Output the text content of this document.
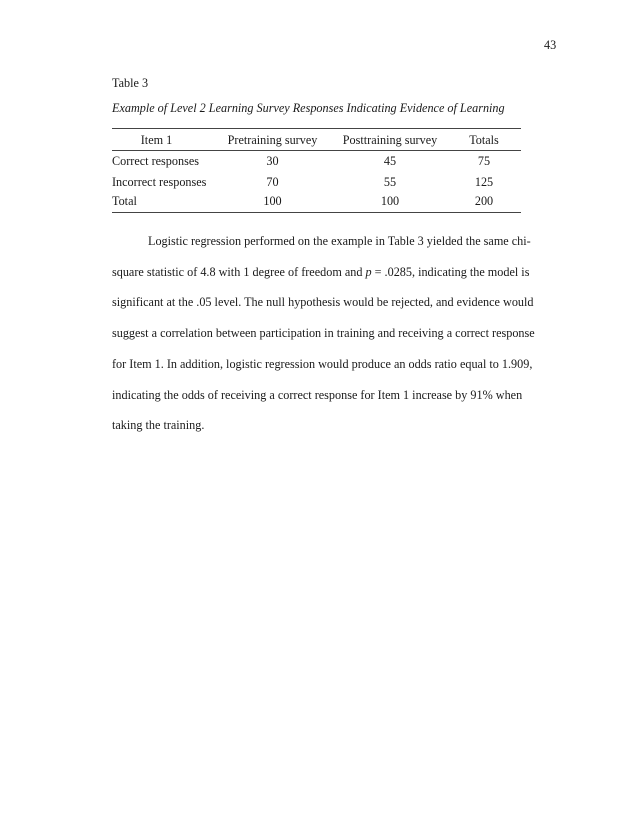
43
Table 3
Example of Level 2 Learning Survey Responses Indicating Evidence of Learning
Item 1	Pretraining survey	Posttraining survey	Totals
Correct responses	30	45	75
Incorrect responses	70	55	125
Total	100	100	200
Logistic regression performed on the example in Table 3 yielded the same chi-
square statistic of 4.8 with 1 degree of freedom and p = .0285, indicating the model is
significant at the .05 level. The null hypothesis would be rejected, and evidence would
suggest a correlation between participation in training and receiving a correct response
for Item 1. In addition, logistic regression would produce an odds ratio equal to 1.909,
indicating the odds of receiving a correct response for Item 1 increase by 91% when
taking the training.
